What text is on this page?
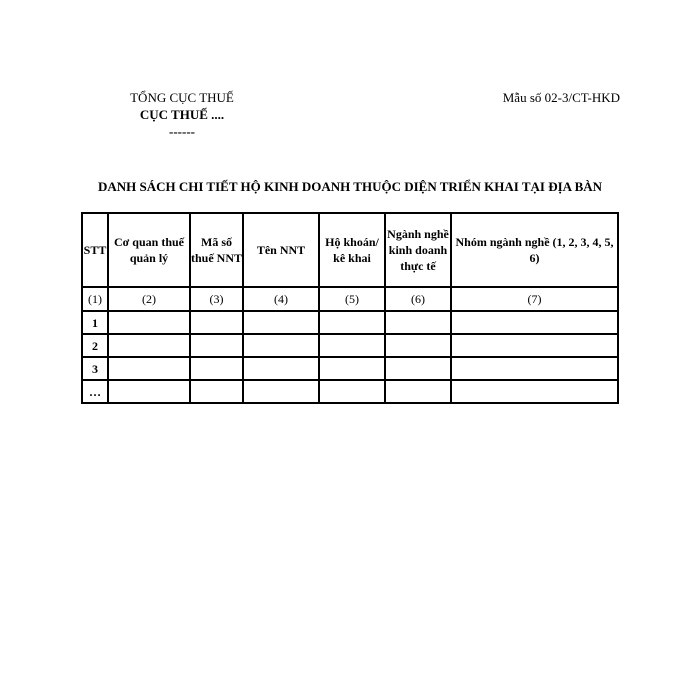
TỔNG CỤC THUẾ
CỤC THUẾ ....
------
Mẫu số 02-3/CT-HKD
DANH SÁCH CHI TIẾT HỘ KINH DOANH THUỘC DIỆN TRIỂN KHAI TẠI ĐỊA BÀN
STT	Cơ quan thuế quản lý	Mã số thuế NNT	Tên NNT	Hộ khoán/ kê khai	Ngành nghề kinh doanh thực tế	Nhóm ngành nghề (1, 2, 3, 4, 5, 6)
(1)	(2)	(3)	(4)	(5)	(6)	(7)
1						
2						
3						
…						
